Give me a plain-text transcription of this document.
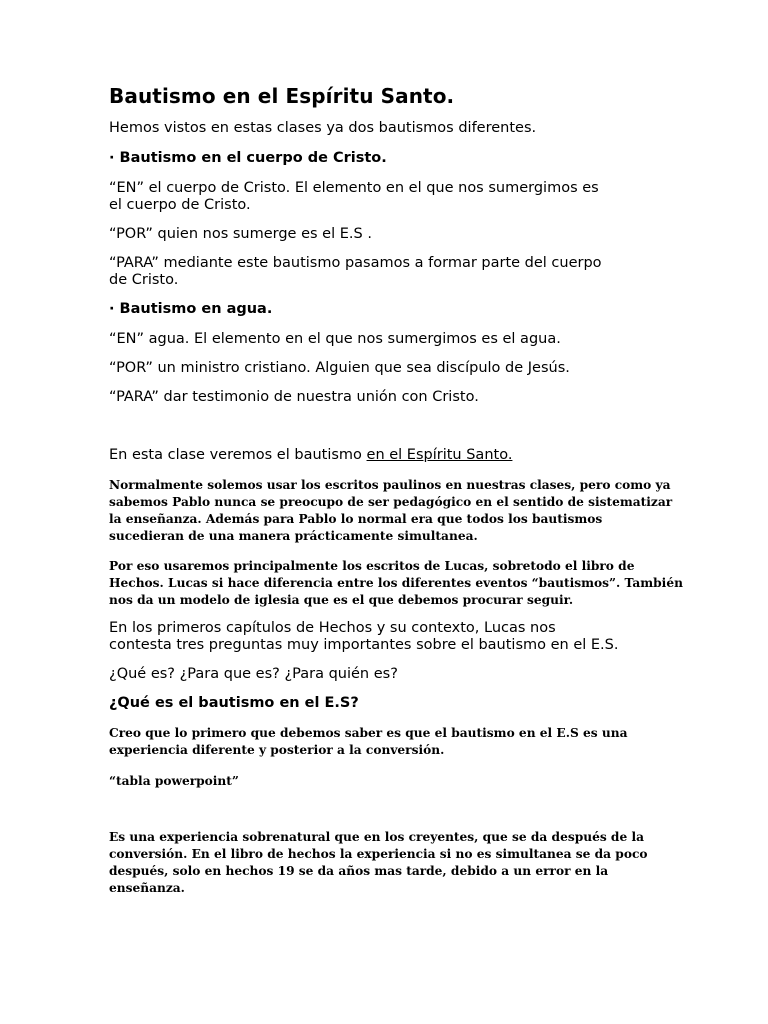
Bautismo en el Espíritu Santo.

Hemos vistos en estas clases ya dos bautismos diferentes.

· Bautismo en el cuerpo de Cristo.

“EN” el cuerpo de Cristo. El elemento en el que nos sumergimos es

el cuerpo de Cristo.

“POR” quien nos sumerge es el E.S .

“PARA” mediante este bautismo pasamos a formar parte del cuerpo

de Cristo.

· Bautismo en agua.

“EN” agua. El elemento en el que nos sumergimos es el agua.

“POR” un ministro cristiano. Alguien que sea discípulo de Jesús.

“PARA” dar testimonio de nuestra unión con Cristo.

En esta clase veremos el bautismo en el Espíritu Santo.

Normalmente solemos usar los escritos paulinos en nuestras clases, pero como ya

sabemos Pablo nunca se preocupo de ser pedagógico en el sentido de sistematizar

la enseñanza. Además para Pablo lo normal era que todos los bautismos

sucedieran de una manera prácticamente simultanea.

Por eso usaremos principalmente los escritos de Lucas, sobretodo el libro de

Hechos. Lucas si hace diferencia entre los diferentes eventos “bautismos”. También

nos da un modelo de iglesia que es el que debemos procurar seguir.

En los primeros capítulos de Hechos y su contexto, Lucas nos

contesta tres preguntas muy importantes sobre el bautismo en el E.S.

¿Qué es? ¿Para que es? ¿Para quién es?

¿Qué es el bautismo en el E.S?

Creo que lo primero que debemos saber es que el bautismo en el E.S es una

experiencia diferente y posterior a la conversión.

“tabla powerpoint”

Es una experiencia sobrenatural que en los creyentes, que se da después de la

conversión. En el libro de hechos la experiencia si no es simultanea se da poco

después, solo en hechos 19 se da años mas tarde, debido a un error en la

enseñanza.
